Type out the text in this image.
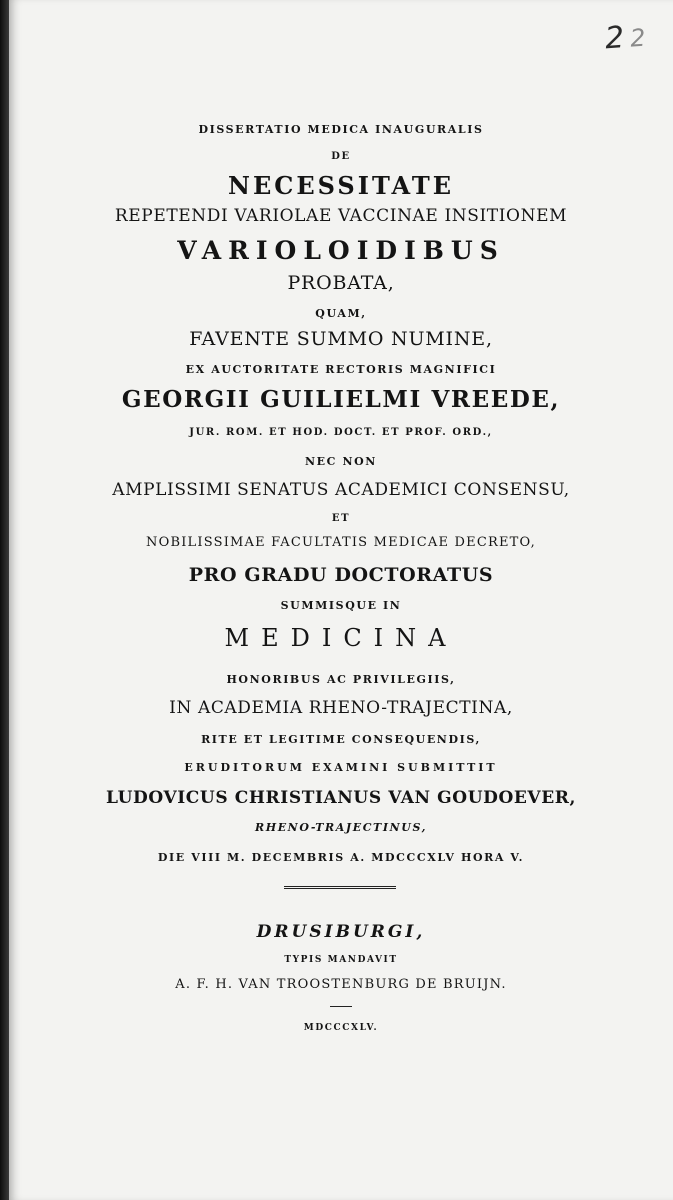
2 2
DISSERTATIO MEDICA INAUGURALIS
DE
NECESSITATE
REPETENDI VARIOLAE VACCINAE INSITIONEM
VARIOLOIDIBUS
PROBATA,
QUAM,
FAVENTE SUMMO NUMINE,
EX AUCTORITATE RECTORIS MAGNIFICI
GEORGII GUILIELMI VREEDE,
JUR. ROM. ET HOD. DOCT. ET PROF. ORD.,
NEC NON
AMPLISSIMI SENATUS ACADEMICI CONSENSU,
ET
NOBILISSIMAE FACULTATIS MEDICAE DECRETO,
PRO GRADU DOCTORATUS
SUMMISQUE IN
MEDICINA
HONORIBUS AC PRIVILEGIIS,
IN ACADEMIA RHENO-TRAJECTINA,
RITE ET LEGITIME CONSEQUENDIS,
ERUDITORUM EXAMINI SUBMITTIT
LUDOVICUS CHRISTIANUS VAN GOUDOEVER,
RHENO-TRAJECTINUS,
DIE VIII M. DECEMBRIS A. MDCCCXLV HORA V.
DRUSIBURGI,
TYPIS MANDAVIT
A. F. H. VAN TROOSTENBURG DE BRUIJN.
MDCCCXLV.
